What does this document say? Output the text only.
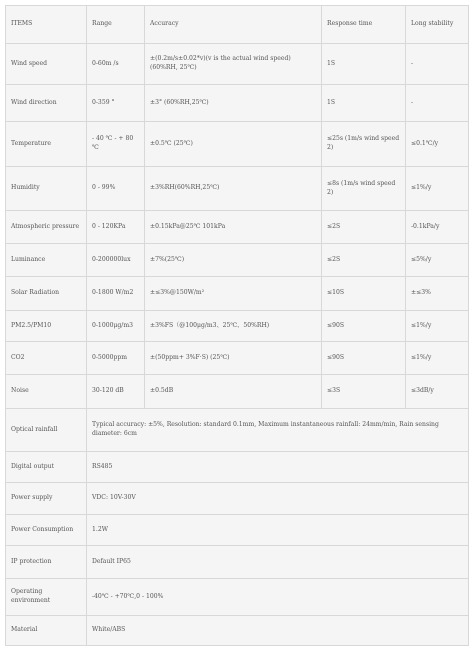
ITEMS	Range	Accuracy	Response time	Long stability
Wind speed	0-60m /s	±(0.2m/s±0.02*v)(v is the actual wind speed) (60%RH, 25℃)	1S	-
Wind direction	0-359 °	±3° (60%RH,25℃)	1S	-
Temperature	- 40 ℃ - + 80 ℃	±0.5℃ (25℃)	≤25s (1m/s wind speed 2)	≤0.1℃/y
Humidity	0 - 99%	±3%RH(60%RH,25℃)	≤8s (1m/s wind speed 2)	≤1%/y
Atmospheric pressure	0 - 120KPa	±0.15kPa@25℃ 101kPa	≤2S	-0.1kPa/y
Luminance	0-200000lux	±7%(25℃)	≤2S	≤5%/y
Solar Radiation	0-1800 W/m2	±≤3%@150W/m²	≤10S	±≤3%
PM2.5/PM10	0-1000μg/m3	±3%FS（@100μg/m3、25℃、50%RH)	≤90S	≤1%/y
CO2	0-5000ppm	±(50ppm+ 3%F·S) (25℃)	≤90S	≤1%/y
Noise	30-120 dB	±0.5dB	≤3S	≤3dB/y
Optical rainfall	Typical accuracy: ±5%, Resolution: standard 0.1mm, Maximum instantaneous rainfall: 24mm/min, Rain sensing diameter: 6cm			
Digital output	RS485			
Power supply	VDC: 10V-30V			
Power Consumption	1.2W			
IP protection	Default IP65			
Operating environment	-40℃ - +70℃,0 - 100%			
Material	White/ABS			
